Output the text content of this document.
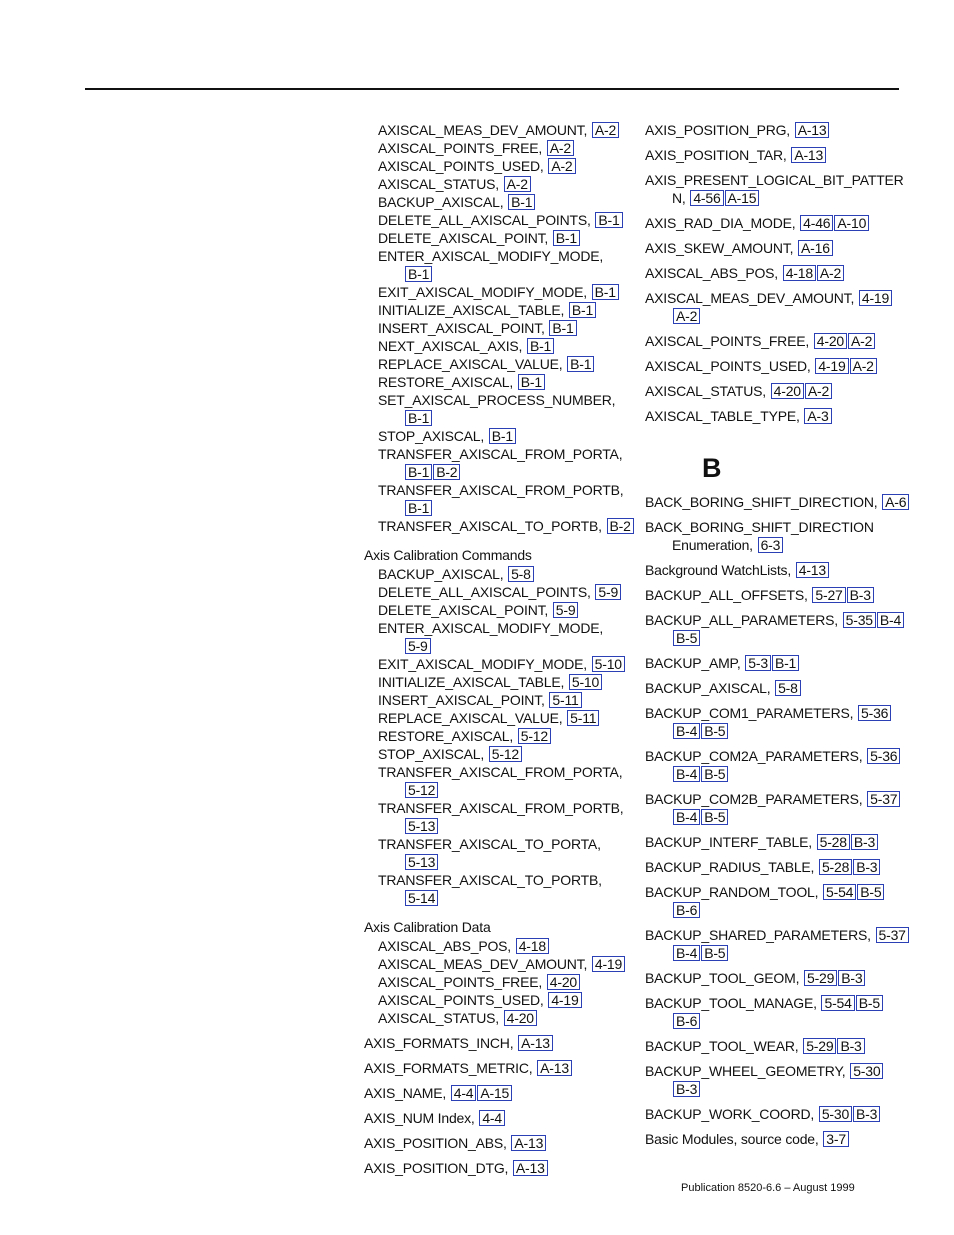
AXISCAL_MEAS_DEV_AMOUNT, A-2
AXISCAL_POINTS_FREE, A-2
AXISCAL_POINTS_USED, A-2
AXISCAL_STATUS, A-2
BACKUP_AXISCAL, B-1
DELETE_ALL_AXISCAL_POINTS, B-1
DELETE_AXISCAL_POINT, B-1
ENTER_AXISCAL_MODIFY_MODE,
B-1
EXIT_AXISCAL_MODIFY_MODE, B-1
INITIALIZE_AXISCAL_TABLE, B-1
INSERT_AXISCAL_POINT, B-1
NEXT_AXISCAL_AXIS, B-1
REPLACE_AXISCAL_VALUE, B-1
RESTORE_AXISCAL, B-1
SET_AXISCAL_PROCESS_NUMBER,
B-1
STOP_AXISCAL, B-1
TRANSFER_AXISCAL_FROM_PORTA,
B-1 B-2
TRANSFER_AXISCAL_FROM_PORTB,
B-1
TRANSFER_AXISCAL_TO_PORTB, B-2
Axis Calibration Commands
BACKUP_AXISCAL, 5-8
DELETE_ALL_AXISCAL_POINTS, 5-9
DELETE_AXISCAL_POINT, 5-9
ENTER_AXISCAL_MODIFY_MODE,
5-9
EXIT_AXISCAL_MODIFY_MODE, 5-10
INITIALIZE_AXISCAL_TABLE, 5-10
INSERT_AXISCAL_POINT, 5-11
REPLACE_AXISCAL_VALUE, 5-11
RESTORE_AXISCAL, 5-12
STOP_AXISCAL, 5-12
TRANSFER_AXISCAL_FROM_PORTA,
5-12
TRANSFER_AXISCAL_FROM_PORTB,
5-13
TRANSFER_AXISCAL_TO_PORTA,
5-13
TRANSFER_AXISCAL_TO_PORTB,
5-14
Axis Calibration Data
AXISCAL_ABS_POS, 4-18
AXISCAL_MEAS_DEV_AMOUNT, 4-19
AXISCAL_POINTS_FREE, 4-20
AXISCAL_POINTS_USED, 4-19
AXISCAL_STATUS, 4-20
AXIS_FORMATS_INCH, A-13
AXIS_FORMATS_METRIC, A-13
AXIS_NAME, 4-4 A-15
AXIS_NUM Index, 4-4
AXIS_POSITION_ABS, A-13
AXIS_POSITION_DTG, A-13
AXIS_POSITION_PRG, A-13
AXIS_POSITION_TAR, A-13
AXIS_PRESENT_LOGICAL_BIT_PATTER
N, 4-56 A-15
AXIS_RAD_DIA_MODE, 4-46 A-10
AXIS_SKEW_AMOUNT, A-16
AXISCAL_ABS_POS, 4-18 A-2
AXISCAL_MEAS_DEV_AMOUNT, 4-19
A-2
AXISCAL_POINTS_FREE, 4-20 A-2
AXISCAL_POINTS_USED, 4-19 A-2
AXISCAL_STATUS, 4-20 A-2
AXISCAL_TABLE_TYPE, A-3
B
BACK_BORING_SHIFT_DIRECTION, A-6
BACK_BORING_SHIFT_DIRECTION
Enumeration, 6-3
Background WatchLists, 4-13
BACKUP_ALL_OFFSETS, 5-27 B-3
BACKUP_ALL_PARAMETERS, 5-35 B-4
B-5
BACKUP_AMP, 5-3 B-1
BACKUP_AXISCAL, 5-8
BACKUP_COM1_PARAMETERS, 5-36
B-4 B-5
BACKUP_COM2A_PARAMETERS, 5-36
B-4 B-5
BACKUP_COM2B_PARAMETERS, 5-37
B-4 B-5
BACKUP_INTERF_TABLE, 5-28 B-3
BACKUP_RADIUS_TABLE, 5-28 B-3
BACKUP_RANDOM_TOOL, 5-54 B-5
B-6
BACKUP_SHARED_PARAMETERS, 5-37
B-4 B-5
BACKUP_TOOL_GEOM, 5-29 B-3
BACKUP_TOOL_MANAGE, 5-54 B-5
B-6
BACKUP_TOOL_WEAR, 5-29 B-3
BACKUP_WHEEL_GEOMETRY, 5-30
B-3
BACKUP_WORK_COORD, 5-30 B-3
Basic Modules, source code, 3-7
Publication 8520-6.6 – August 1999
